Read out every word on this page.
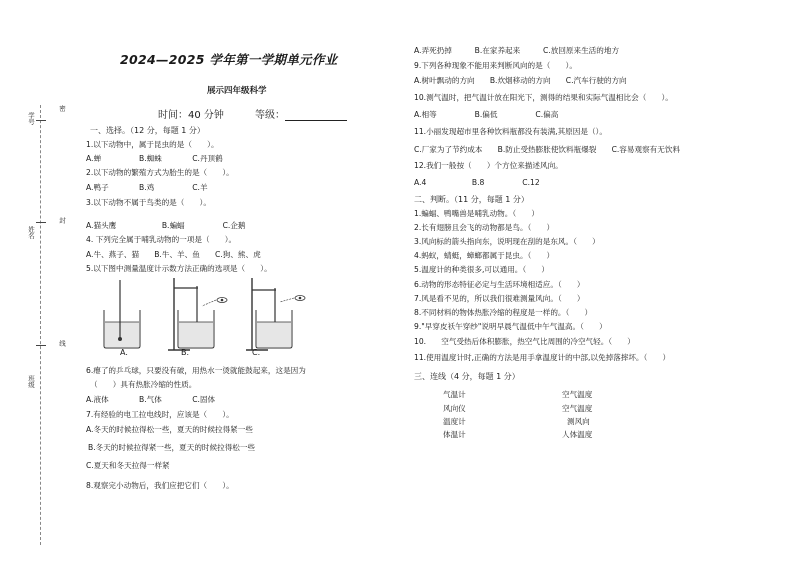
班级
姓名
学号
封
线
密
2024—2025 学年第一学期单元作业
展示四年级科学
时间：40 分钟	等级：
一、选择。（12 分，每题 1 分）
1.以下动物中，属于昆虫的是（　　）。
A.蝉　　　　　B.蜘蛛　　　　C.丹顶鹤
2.以下动物的繁殖方式为胎生的是（　　）。
A.鸭子　　　　B.鸡　　　　　C.羊
3.以下动物不属于鸟类的是（　　）。
A.猫头鹰　　　　　　B.蝙蝠　　　　　C.企鹅
4. 下列完全属于哺乳动物的一项是（　　）。
A.牛、燕子、猫　　B.牛、羊、鱼　　C.狗、熊、虎
5.以下图中测量温度计示数方法正确的选项是（　　）。
A.	B.	C.
6.瘪了的乒乓球，只要没有破，用热水一烫就能鼓起来，这是因为
（　　）具有热胀冷缩的性质。
A.液体　　　　B.气体　　　　C.固体
7.有经验的电工拉电线时，应该是（　　）。
A.冬天的时候拉得松一些，夏天的时候拉得紧一些
B.冬天的时候拉得紧一些，夏天的时候拉得松一些
C.夏天和冬天拉得一样紧
8.观察完小动物后，我们应把它们（　　）。
A.弄死扔掉　　　B.在家养起来　　　C.放回原来生活的地方
9.下列各种现象不能用来判断风向的是（　　）。
A.树叶飘动的方向　　B.炊烟移动的方向　　C.汽车行驶的方向
10.测气温时，把气温计放在阳光下，测得的结果和实际气温相比会（　　）。
A.相等　　　　　B.偏低　　　　　C.偏高
11.小丽发现超市里各种饮料瓶都没有装满,其原因是（）。
C.厂家为了节约成本　　B.防止受热膨胀使饮料瓶爆裂　　C.容易观察有无饮料
12.我们一般按（　　）个方位来描述风向。
A.4　　　　　　B.8　　　　　C.12
二、判断。（11 分，每题 1 分）
1.蝙蝠、鸭嘴兽是哺乳动物。（　　）
2.长有翅膀且会飞的动物都是鸟。（　　）
3.风向标的箭头指向东，说明现在刮的是东风。（　　）
4.蚂蚁，蜻蜓，蟑螂都属于昆虫。（　　）
5.温度计的种类很多,可以通用。（　　）
6.动物的形态特征必定与生活环境相适应。（　　）
7.风是看不见的，所以我们很难测量风向。（　　）
8.不同材料的物体热胀冷缩的程度是一样的。（　　）
9."早穿皮袄午穿纱"说明早晨气温低中午气温高。（　　）
10.　　空气受热后体积膨胀，热空气比周围的冷空气轻。（　　）
11.使用温度计时,正确的方法是用手拿温度计的中部,以免掉落摔坏。（　　）
三、连线（4 分，每题 1 分）
气温计
风向仪
温度计
体温计
空气温度
空气温度
测风向
人体温度
